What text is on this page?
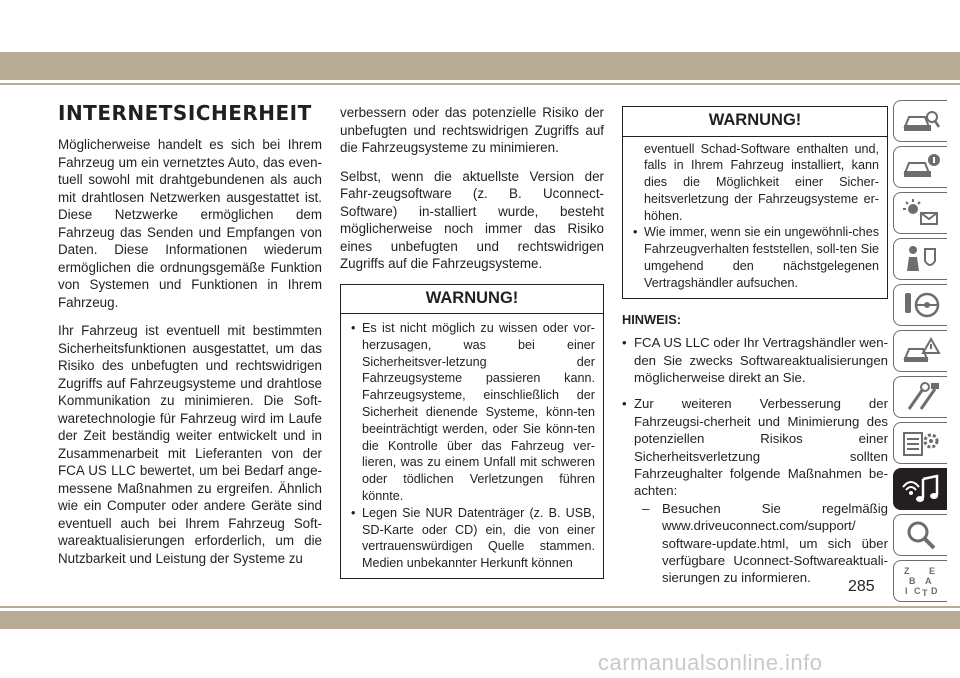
INTERNETSICHERHEIT

Möglicherweise handelt es sich bei Ihrem Fahrzeug um ein vernetztes Auto, das even-tuell sowohl mit drahtgebundenen als auch mit drahtlosen Netzwerken ausgestattet ist. Diese Netzwerke ermöglichen dem Fahrzeug das Senden und Empfangen von Daten. Diese Informationen wiederum ermöglichen die ordnungsgemäße Funktion von Systemen und Funktionen in Ihrem Fahrzeug.

Ihr Fahrzeug ist eventuell mit bestimmten Sicherheitsfunktionen ausgestattet, um das Risiko des unbefugten und rechtswidrigen Zugriffs auf Fahrzeugsysteme und drahtlose Kommunikation zu minimieren. Die Soft-waretechnologie für Fahrzeug wird im Laufe der Zeit beständig weiter entwickelt und in Zusammenarbeit mit Lieferanten von der FCA US LLC bewertet, um bei Bedarf ange-messene Maßnahmen zu ergreifen. Ähnlich wie ein Computer oder andere Geräte sind eventuell auch bei Ihrem Fahrzeug Soft-wareaktualisierungen erforderlich, um die Nutzbarkeit und Leistung der Systeme zu

verbessern oder das potenzielle Risiko der unbefugten und rechtswidrigen Zugriffs auf die Fahrzeugsysteme zu minimieren.

Selbst, wenn die aktuellste Version der Fahr-zeugsoftware (z. B. Uconnect-Software) in-stalliert wurde, besteht möglicherweise noch immer das Risiko eines unbefugten und rechtswidrigen Zugriffs auf die Fahrzeugsysteme.

WARNUNG!
• Es ist nicht möglich zu wissen oder vor-herzusagen, was bei einer Sicherheitsver-letzung der Fahrzeugsysteme passieren kann. Fahrzeugsysteme, einschließlich der Sicherheit dienende Systeme, könn-ten beeinträchtigt werden, oder Sie könn-ten die Kontrolle über das Fahrzeug ver-lieren, was zu einem Unfall mit schweren oder tödlichen Verletzungen führen könnte.
• Legen Sie NUR Datenträger (z. B. USB, SD-Karte oder CD) ein, die von einer vertrauenswürdigen Quelle stammen. Medien unbekannter Herkunft können
WARNUNG!
eventuell Schad-Software enthalten und, falls in Ihrem Fahrzeug installiert, kann dies die Möglichkeit einer Sicher-heitsverletzung der Fahrzeugsysteme er-höhen.
• Wie immer, wenn sie ein ungewöhnli-ches Fahrzeugverhalten feststellen, soll-ten Sie umgehend den nächstgelegenen Vertragshändler aufsuchen.
HINWEIS:
• FCA US LLC oder Ihr Vertragshändler wen-den Sie zwecks Softwareaktualisierungen möglicherweise direkt an Sie.
• Zur weiteren Verbesserung der Fahrzeugsi-cherheit und Minimierung des potenziellen Risikos einer Sicherheitsverletzung sollten Fahrzeughalter folgende Maßnahmen be-achten:
– Besuchen Sie regelmäßig www.driveuconnect.com/support/ software-update.html, um sich über verfügbare Uconnect-Softwareaktuali-sierungen zu informieren.	Z E
B A
I C D
T
285
carmanualsonline.info
